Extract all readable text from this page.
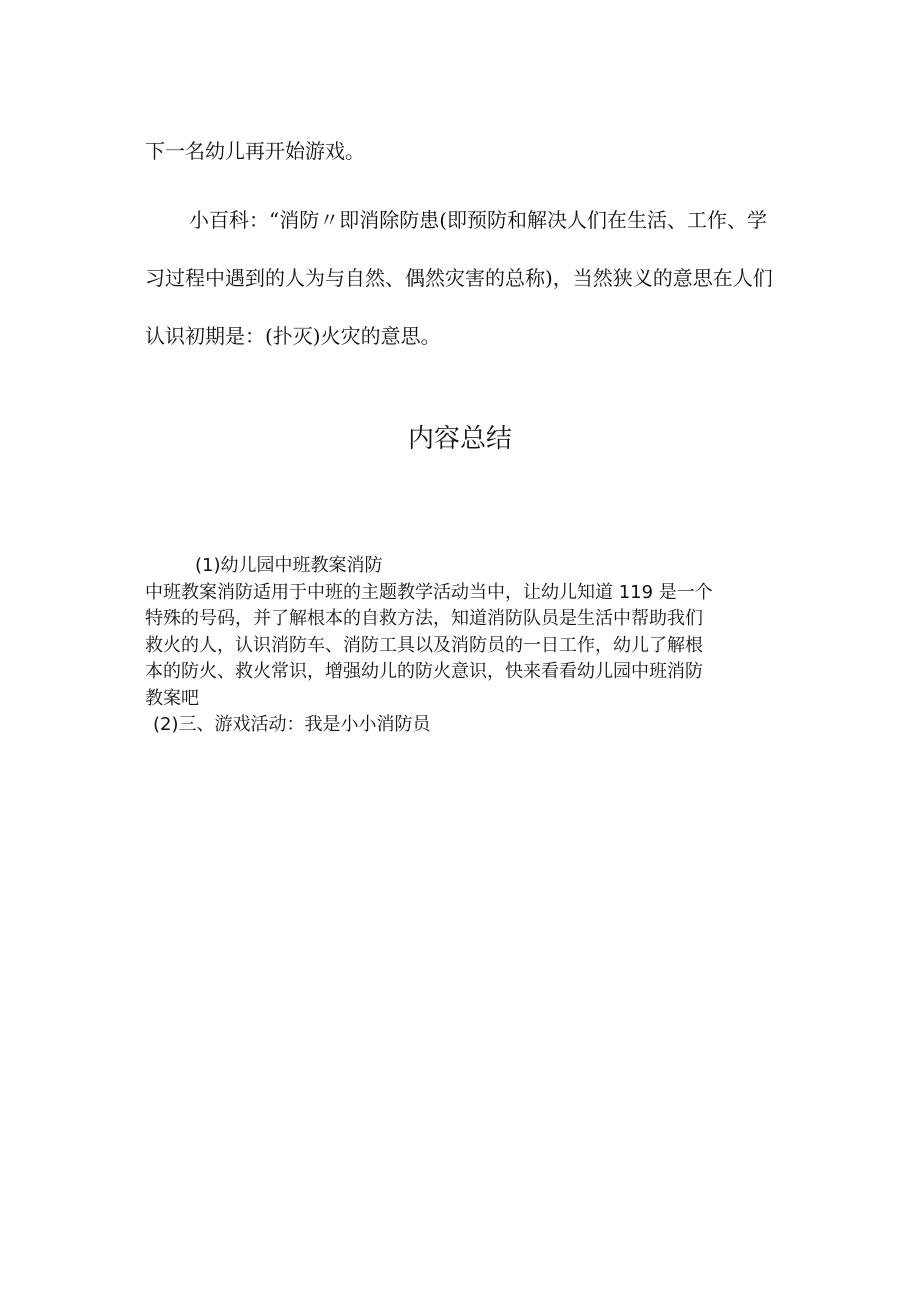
下一名幼儿再开始游戏。

小百科：“消防〃即消除防患(即预防和解决人们在生活、工作、学
习过程中遇到的人为与自然、偶然灾害的总称)，当然狭义的意思在人们
认识初期是：(扑灭)火灾的意思。
内容总结
(1)幼儿园中班教案消防
中班教案消防适用于中班的主题教学活动当中，让幼儿知道 119 是一个
特殊的号码，并了解根本的自救方法，知道消防队员是生活中帮助我们
救火的人，认识消防车、消防工具以及消防员的一日工作，幼儿了解根
本的防火、救火常识，增强幼儿的防火意识，快来看看幼儿园中班消防
教案吧
(2)三、游戏活动：我是小小消防员
